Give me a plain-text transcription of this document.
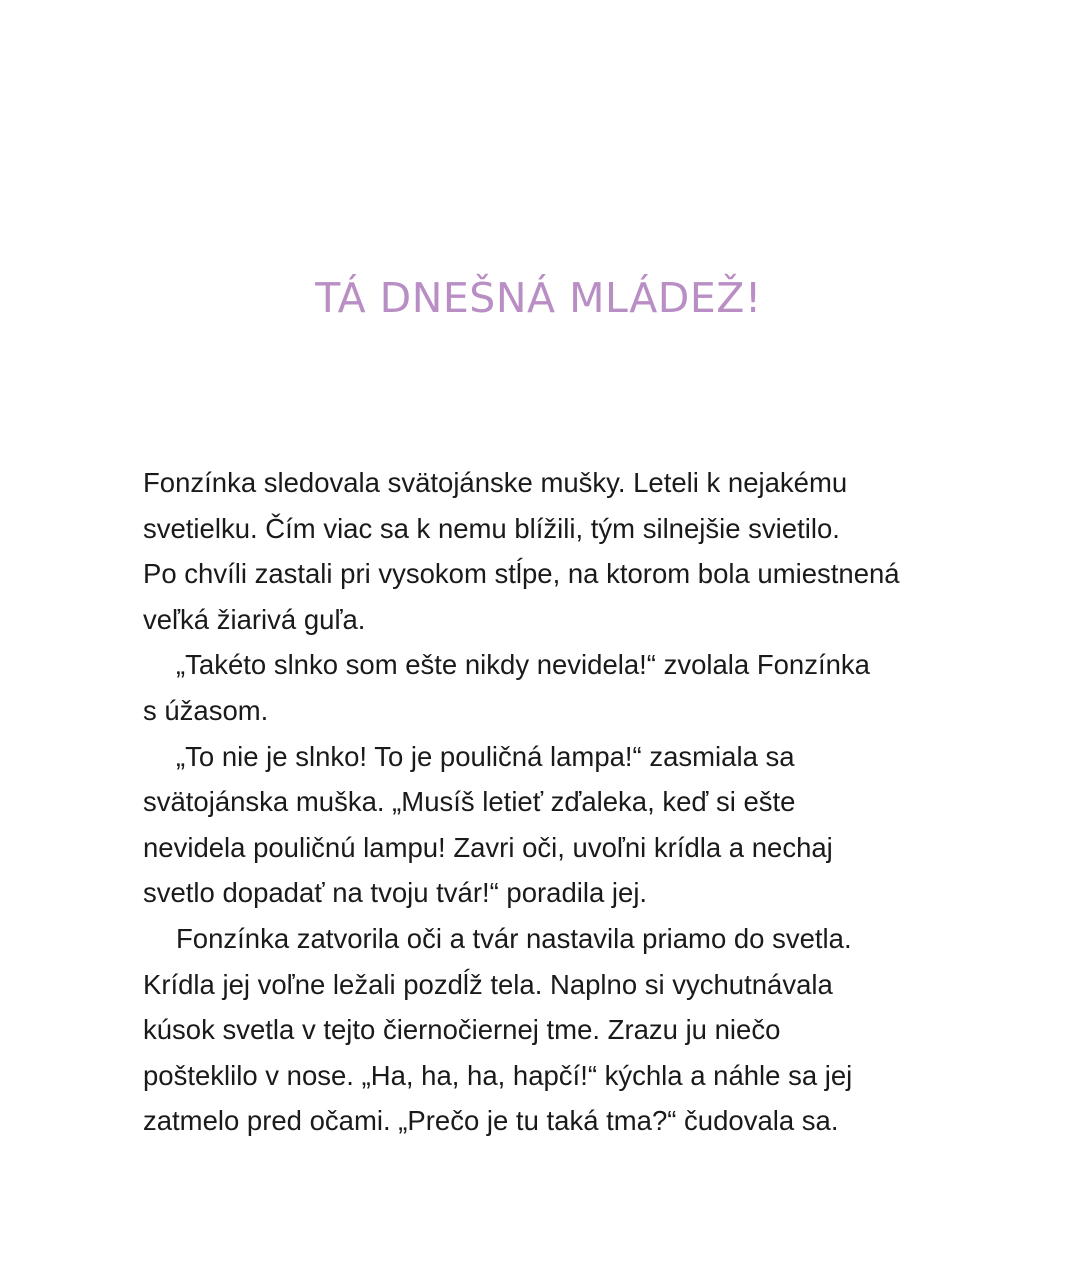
TÁ DNEŠNÁ MLÁDEŽ!
Fonzínka sledovala svätojánske mušky. Leteli k nejakému
svetielku. Čím viac sa k nemu blížili, tým silnejšie svietilo.
Po chvíli zastali pri vysokom stĺpe, na ktorom bola umiestnená
veľká žiarivá guľa.
„Takéto slnko som ešte nikdy nevidela!“ zvolala Fonzínka
s úžasom.
„To nie je slnko! To je pouličná lampa!“ zasmiala sa
svätojánska muška. „Musíš letieť zďaleka, keď si ešte
nevidela pouličnú lampu! Zavri oči, uvoľni krídla a nechaj
svetlo dopadať na tvoju tvár!“ poradila jej.
Fonzínka zatvorila oči a tvár nastavila priamo do svetla.
Krídla jej voľne ležali pozdĺž tela. Naplno si vychutnávala
kúsok svetla v tejto čiernočiernej tme. Zrazu ju niečo
pošteklilo v nose. „Ha, ha, ha, hapčí!“ kýchla a náhle sa jej
zatmelo pred očami. „Prečo je tu taká tma?“ čudovala sa.
